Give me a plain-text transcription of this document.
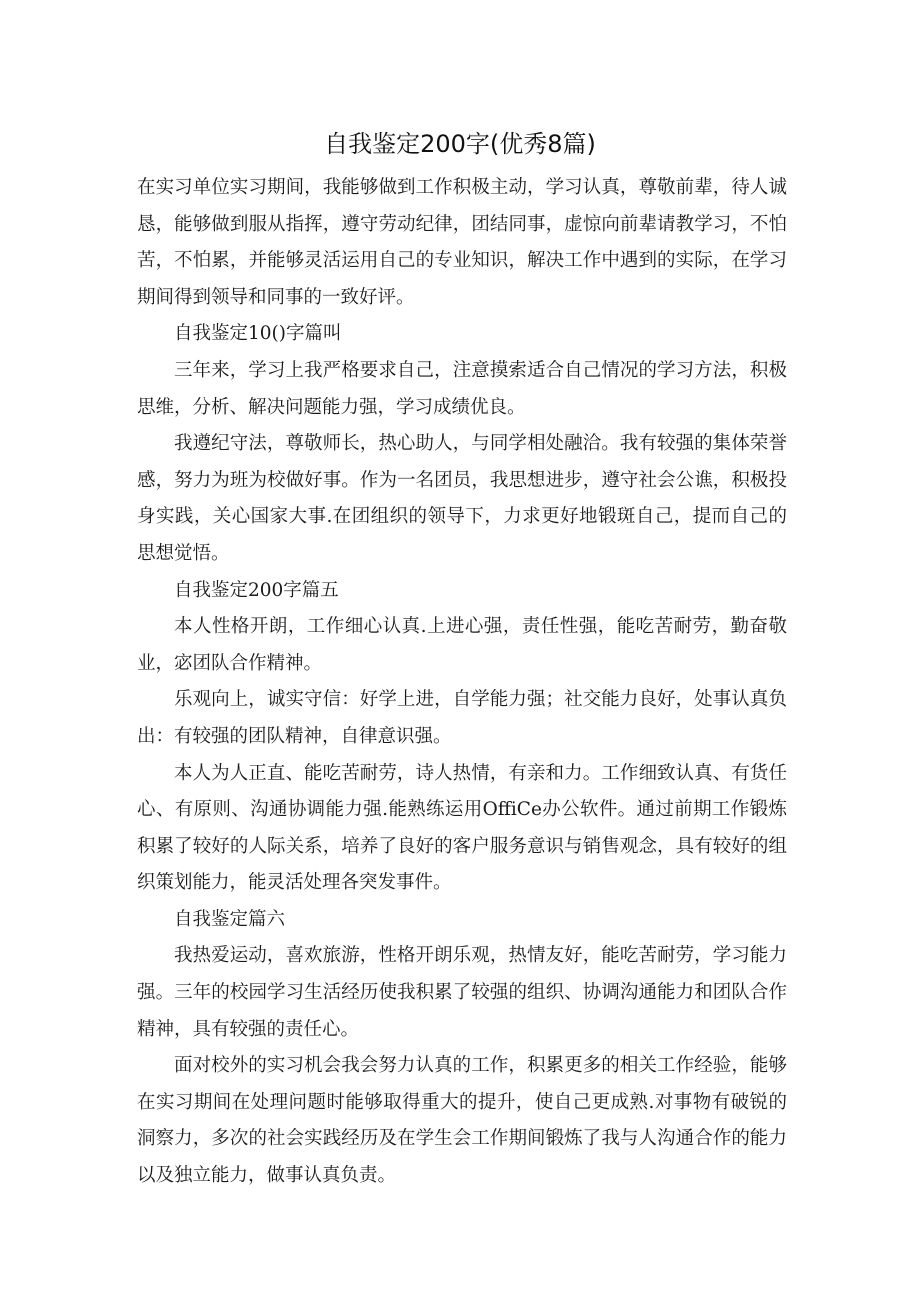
自我鉴定200字(优秀8篇)

在实习单位实习期间，我能够做到工作积极主动，学习认真，尊敬前辈，待人诚恳，能够做到服从指挥，遵守劳动纪律，团结同事，虚惊向前辈请教学习，不怕苦，不怕累，并能够灵活运用自己的专业知识，解决工作中遇到的实际，在学习期间得到领导和同事的一致好评。

自我鉴定10()字篇叫

三年来，学习上我严格要求自己，注意摸索适合自己情况的学习方法，积极思维，分析、解决问题能力强，学习成绩优良。

我遵纪守法，尊敬师长，热心助人，与同学相处融洽。我有较强的集体荣誉感，努力为班为校做好事。作为一名团员，我思想进步，遵守社会公谯，积极投身实践，关心国家大事.在团组织的领导下，力求更好地锻斑自己，提而自己的思想觉悟。

自我鉴定200字篇五

本人性格开朗，工作细心认真.上进心强，责任性强，能吃苦耐劳，勤奋敬业，宓团队合作精神。

乐观向上，诚实守信：好学上进，自学能力强；社交能力良好，处事认真负出：有较强的团队精神，自律意识强。

本人为人正直、能吃苦耐劳，诗人热情，有亲和力。工作细致认真、有货任心、有原则、沟通协调能力强.能熟练运用OffiCe办公软件。通过前期工作锻炼积累了较好的人际关系，培养了良好的客户服务意识与销售观念，具有较好的组织策划能力，能灵活处理各突发事件。

自我鉴定篇六

我热爱运动，喜欢旅游，性格开朗乐观，热情友好，能吃苦耐劳，学习能力强。三年的校园学习生活经历使我积累了较强的组织、协调沟通能力和团队合作精神，具有较强的责任心。

面对校外的实习机会我会努力认真的工作，积累更多的相关工作经验，能够在实习期间在处理问题时能够取得重大的提升，使自己更成熟.对事物有破锐的洞察力，多次的社会实践经历及在学生会工作期间锻炼了我与人沟通合作的能力以及独立能力，做事认真负责。
